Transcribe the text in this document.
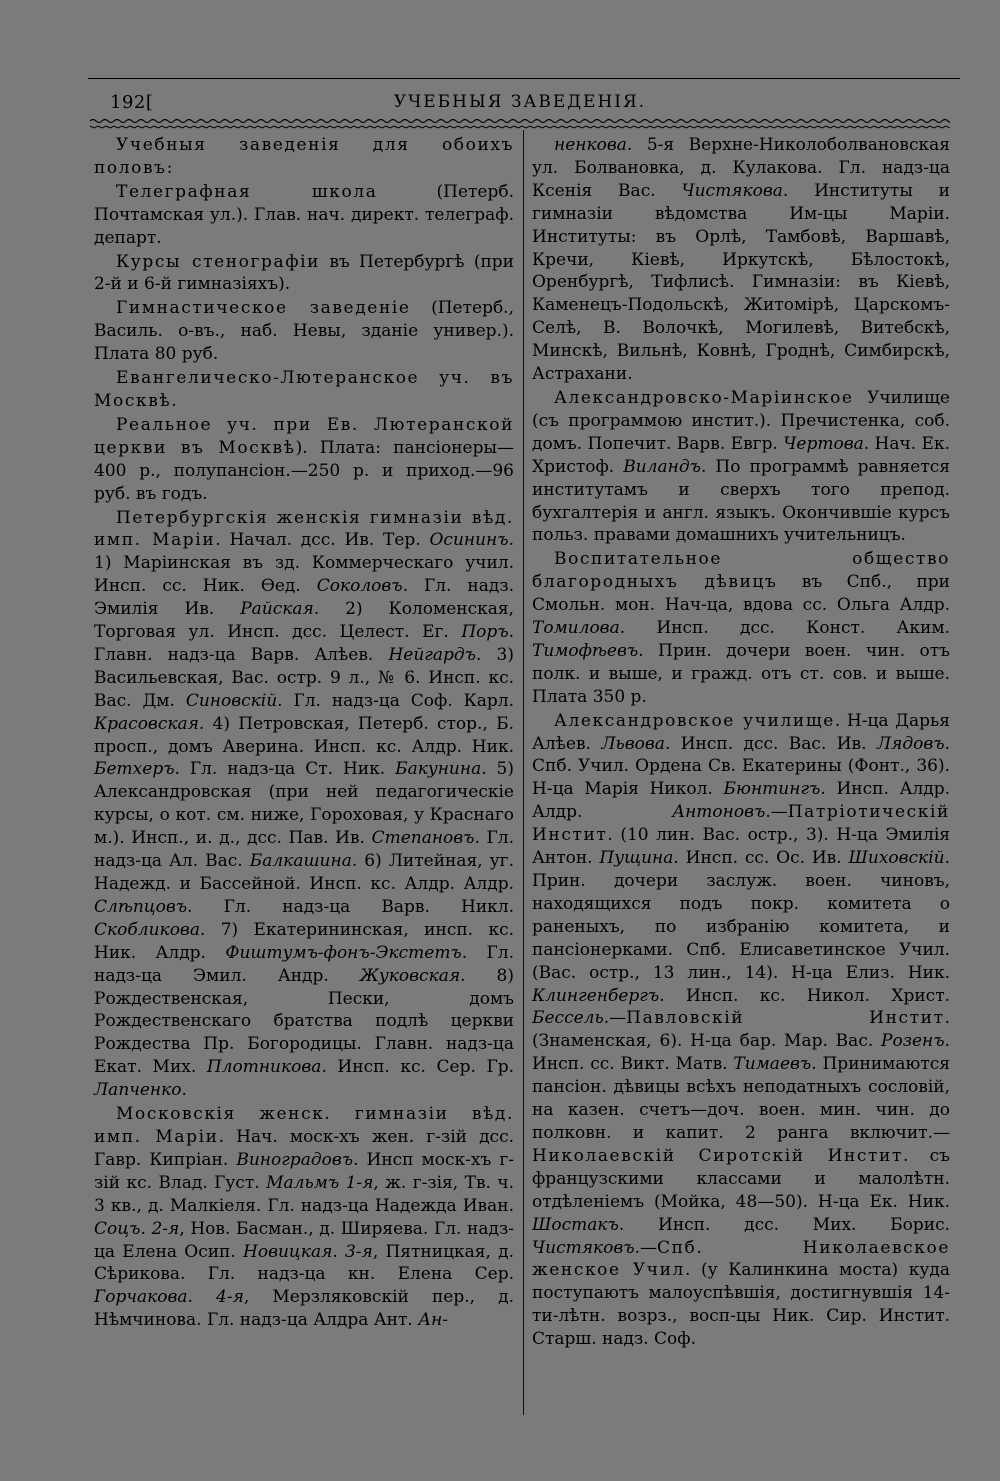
192[	УЧЕБНЫЯ ЗАВЕДЕНІЯ.

Учебныя заведенія для обоихъ половъ:

Телеграфная школа (Петерб. Почтамская ул.). Глав. нач. директ. телеграф. департ.

Курсы стенографіи въ Петербургѣ (при 2-й и 6-й гимназіяхъ).

Гимнастическое заведеніе (Петерб., Василь. о-въ., наб. Невы, зданіе универ.). Плата 80 руб.

Евангелическо-Лютеранское уч. въ Москвѣ.

Реальное уч. при Ев. Лютеранской церкви въ Москвѣ). Плата: пансіонеры—400 р., полупансіон.—250 р. и приход.—96 руб. въ годъ.

Петербургскія женскія гимназіи вѣд. имп. Маріи. Начал. дсс. Ив. Тер. Осининъ. 1) Маріинская въ зд. Коммерческаго учил. Инсп. сс. Ник. Ѳед. Соколовъ. Гл. надз. Эмилія Ив. Райская. 2) Коломенская, Торговая ул. Инсп. дсс. Целест. Ег. Поръ. Главн. надз-ца Варв. Алѣев. Нейгардъ. 3) Васильевская, Вас. остр. 9 л., № 6. Инсп. кс. Вас. Дм. Синовскій. Гл. надз-ца Соф. Карл. Красовская. 4) Петровская, Петерб. стор., Б. просп., домъ Аверина. Инсп. кс. Алдр. Ник. Бетхеръ. Гл. надз-ца Ст. Ник. Бакунина. 5) Александровская (при ней педагогическіе курсы, о кот. см. ниже, Гороховая, у Краснаго м.). Инсп., и. д., дсс. Пав. Ив. Степановъ. Гл. надз-ца Ал. Вас. Балкашина. 6) Литейная, уг. Надежд. и Бассейной. Инсп. кс. Алдр. Алдр. Слѣпцовъ. Гл. надз-ца Варв. Никл. Скобликова. 7) Екатерининская, инсп. кс. Ник. Алдр. Фиштумъ-фонъ-Экстетъ. Гл. надз-ца Эмил. Андр. Жуковская. 8) Рождественская, Пески, домъ Рождественскаго братства подлѣ церкви Рождества Пр. Богородицы. Главн. надз-ца Екат. Мих. Плотникова. Инсп. кс. Сер. Гр. Лапченко.

Московскія женск. гимназіи вѣд. имп. Маріи. Нач. моск-хъ жен. г-зій дсс. Гавр. Кипріан. Виноградовъ. Инсп моск-хъ г-зій кс. Влад. Густ. Мальмъ 1-я, ж. г-зія, Тв. ч. 3 кв., д. Малкіеля. Гл. надз-ца Надежда Иван. Соцъ. 2-я, Нов. Басман., д. Ширяева. Гл. надз-ца Елена Осип. Новицкая. 3-я, Пятницкая, д. Сѣрикова. Гл. надз-ца кн. Елена Сер. Горчакова. 4-я, Мерзляковскій пер., д. Нѣмчинова. Гл. надз-ца Алдра Ант. Ан-

ненкова. 5-я Верхне-Николоболвановская ул. Болвановка, д. Кулакова. Гл. надз-ца Ксенія Вас. Чистякова. Институты и гимназіи вѣдомства Им-цы Маріи. Институты: въ Орлѣ, Тамбовѣ, Варшавѣ, Кречи, Кіевѣ, Иркутскѣ, Бѣлостокѣ, Оренбургѣ, Тифлисѣ. Гимназіи: въ Кіевѣ, Каменецъ-Подольскѣ, Житомірѣ, Царскомъ-Селѣ, В. Волочкѣ, Могилевѣ, Витебскѣ, Минскѣ, Вильнѣ, Ковнѣ, Гроднѣ, Симбирскѣ, Астрахани.

Александровско-Маріинское Училище (съ программою инстит.). Пречистенка, соб. домъ. Попечит. Варв. Евгр. Чертова. Нач. Ек. Христоф. Виландъ. По программѣ равняется институтамъ и сверхъ того препод. бухгалтерія и англ. языкъ. Окончившіе курсъ польз. правами домашнихъ учительницъ.

Воспитательное общество благородныхъ дѣвицъ въ Спб., при Смольн. мон. Нач-ца, вдова сс. Ольга Алдр. Томилова. Инсп. дсс. Конст. Аким. Тимофѣевъ. Прин. дочери воен. чин. отъ полк. и выше, и гражд. отъ ст. сов. и выше. Плата 350 р.

Александровское училище. Н-ца Дарья Алѣев. Львова. Инсп. дсс. Вас. Ив. Лядовъ. Спб. Учил. Ордена Св. Екатерины (Фонт., 36). Н-ца Марія Никол. Бюнтингъ. Инсп. Алдр. Алдр. Антоновъ.—Патріотическій Инстит. (10 лин. Вас. остр., 3). Н-ца Эмилія Антон. Пущина. Инсп. сс. Ос. Ив. Шиховскій. Прин. дочери заслуж. воен. чиновъ, находящихся подъ покр. комитета о раненыхъ, по избранію комитета, и пансіонерками. Спб. Елисаветинское Учил. (Вас. остр., 13 лин., 14). Н-ца Елиз. Ник. Клингенбергъ. Инсп. кс. Никол. Христ. Бессель.—Павловскій Инстит. (Знаменская, 6). Н-ца бар. Мар. Вас. Розенъ. Инсп. сс. Викт. Матв. Тимаевъ. Принимаются пансіон. дѣвицы всѣхъ неподатныхъ сословій, на казен. счетъ—доч. воен. мин. чин. до полковн. и капит. 2 ранга включит.—Николаевскій Сиротскій Инстит. съ французскими классами и малолѣтн. отдѣленіемъ (Мойка, 48—50). Н-ца Ек. Ник. Шостакъ. Инсп. дсс. Мих. Борис. Чистяковъ.—Спб. Николаевское женское Учил. (у Калинкина моста) куда поступаютъ малоуспѣвшія, достигнувшія 14-ти-лѣтн. возрз., восп-цы Ник. Сир. Инстит. Старш. надз. Соф.
